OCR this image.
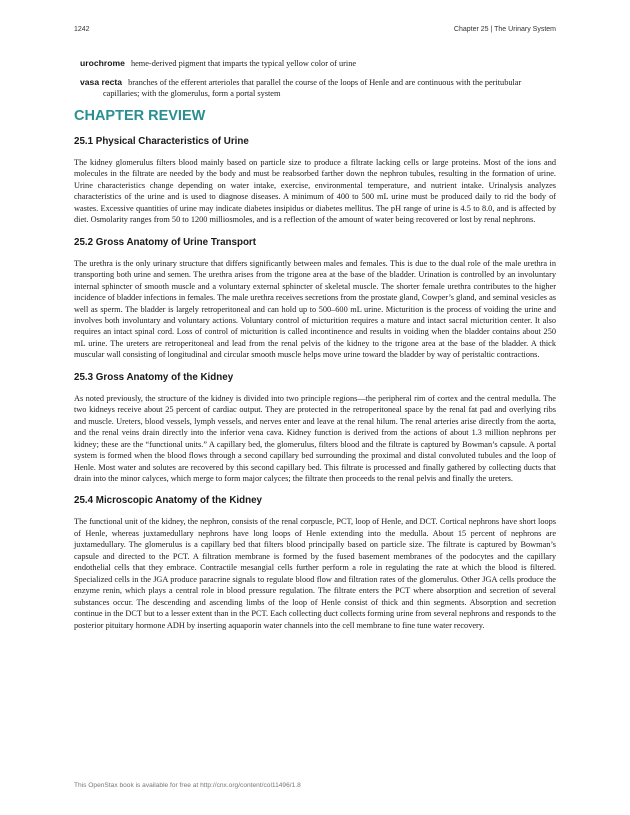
1242	Chapter 25 | The Urinary System
urochrome heme-derived pigment that imparts the typical yellow color of urine
vasa recta branches of the efferent arterioles that parallel the course of the loops of Henle and are continuous with the peritubular capillaries; with the glomerulus, form a portal system
CHAPTER REVIEW
25.1 Physical Characteristics of Urine

The kidney glomerulus filters blood mainly based on particle size to produce a filtrate lacking cells or large proteins. Most of the ions and molecules in the filtrate are needed by the body and must be reabsorbed farther down the nephron tubules, resulting in the formation of urine. Urine characteristics change depending on water intake, exercise, environmental temperature, and nutrient intake. Urinalysis analyzes characteristics of the urine and is used to diagnose diseases. A minimum of 400 to 500 mL urine must be produced daily to rid the body of wastes. Excessive quantities of urine may indicate diabetes insipidus or diabetes mellitus. The pH range of urine is 4.5 to 8.0, and is affected by diet. Osmolarity ranges from 50 to 1200 milliosmoles, and is a reflection of the amount of water being recovered or lost by renal nephrons.

25.2 Gross Anatomy of Urine Transport

The urethra is the only urinary structure that differs significantly between males and females. This is due to the dual role of the male urethra in transporting both urine and semen. The urethra arises from the trigone area at the base of the bladder. Urination is controlled by an involuntary internal sphincter of smooth muscle and a voluntary external sphincter of skeletal muscle. The shorter female urethra contributes to the higher incidence of bladder infections in females. The male urethra receives secretions from the prostate gland, Cowper’s gland, and seminal vesicles as well as sperm. The bladder is largely retroperitoneal and can hold up to 500–600 mL urine. Micturition is the process of voiding the urine and involves both involuntary and voluntary actions. Voluntary control of micturition requires a mature and intact sacral micturition center. It also requires an intact spinal cord. Loss of control of micturition is called incontinence and results in voiding when the bladder contains about 250 mL urine. The ureters are retroperitoneal and lead from the renal pelvis of the kidney to the trigone area at the base of the bladder. A thick muscular wall consisting of longitudinal and circular smooth muscle helps move urine toward the bladder by way of peristaltic contractions.

25.3 Gross Anatomy of the Kidney

As noted previously, the structure of the kidney is divided into two principle regions—the peripheral rim of cortex and the central medulla. The two kidneys receive about 25 percent of cardiac output. They are protected in the retroperitoneal space by the renal fat pad and overlying ribs and muscle. Ureters, blood vessels, lymph vessels, and nerves enter and leave at the renal hilum. The renal arteries arise directly from the aorta, and the renal veins drain directly into the inferior vena cava. Kidney function is derived from the actions of about 1.3 million nephrons per kidney; these are the “functional units.” A capillary bed, the glomerulus, filters blood and the filtrate is captured by Bowman’s capsule. A portal system is formed when the blood flows through a second capillary bed surrounding the proximal and distal convoluted tubules and the loop of Henle. Most water and solutes are recovered by this second capillary bed. This filtrate is processed and finally gathered by collecting ducts that drain into the minor calyces, which merge to form major calyces; the filtrate then proceeds to the renal pelvis and finally the ureters.

25.4 Microscopic Anatomy of the Kidney

The functional unit of the kidney, the nephron, consists of the renal corpuscle, PCT, loop of Henle, and DCT. Cortical nephrons have short loops of Henle, whereas juxtamedullary nephrons have long loops of Henle extending into the medulla. About 15 percent of nephrons are juxtamedullary. The glomerulus is a capillary bed that filters blood principally based on particle size. The filtrate is captured by Bowman’s capsule and directed to the PCT. A filtration membrane is formed by the fused basement membranes of the podocytes and the capillary endothelial cells that they embrace. Contractile mesangial cells further perform a role in regulating the rate at which the blood is filtered. Specialized cells in the JGA produce paracrine signals to regulate blood flow and filtration rates of the glomerulus. Other JGA cells produce the enzyme renin, which plays a central role in blood pressure regulation. The filtrate enters the PCT where absorption and secretion of several substances occur. The descending and ascending limbs of the loop of Henle consist of thick and thin segments. Absorption and secretion continue in the DCT but to a lesser extent than in the PCT. Each collecting duct collects forming urine from several nephrons and responds to the posterior pituitary hormone ADH by inserting aquaporin water channels into the cell membrane to fine tune water recovery.

This OpenStax book is available for free at http://cnx.org/content/col11496/1.8
